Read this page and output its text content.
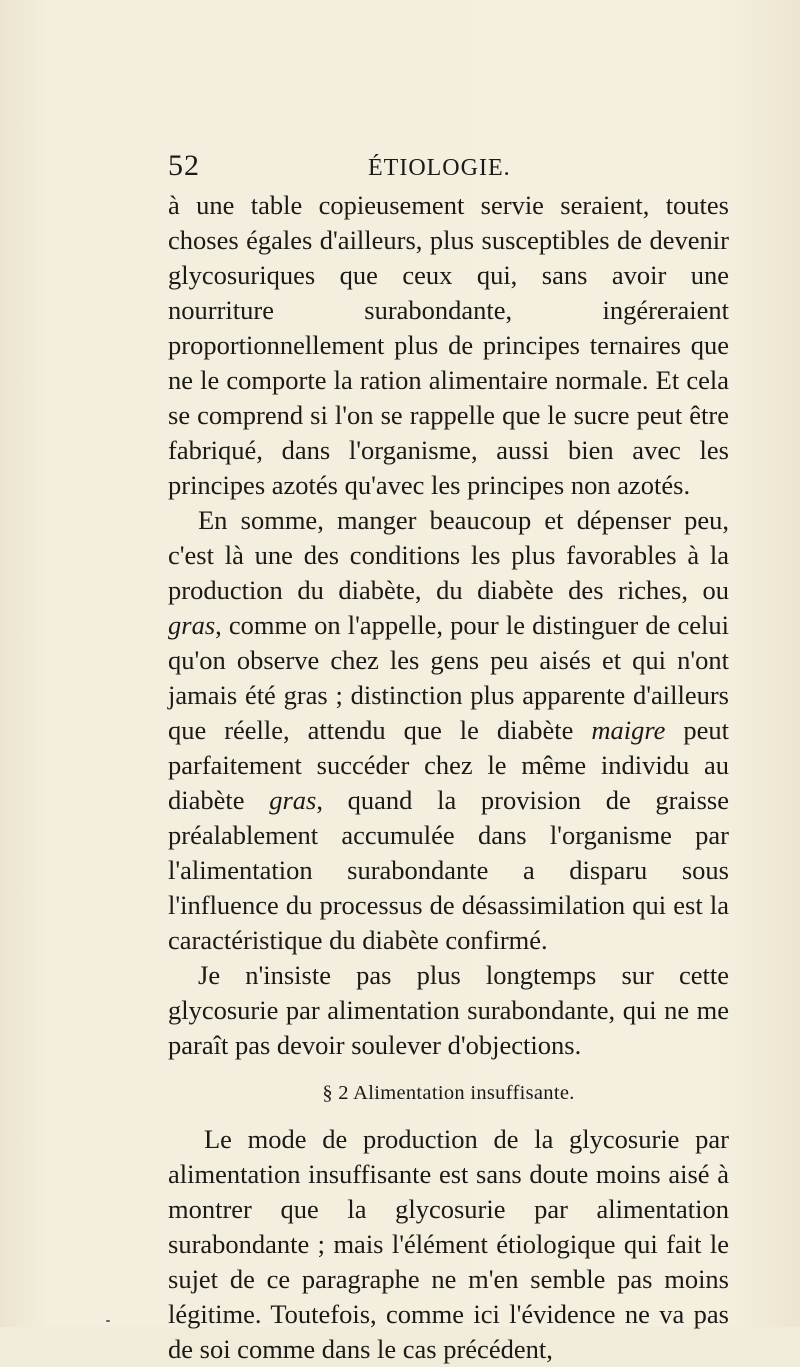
52	ÉTIOLOGIE.

à une table copieusement servie seraient, toutes choses égales d'ailleurs, plus susceptibles de devenir glycosuriques que ceux qui, sans avoir une nourriture surabondante, ingéreraient proportionnellement plus de principes ternaires que ne le comporte la ration alimentaire normale. Et cela se comprend si l'on se rappelle que le sucre peut être fabriqué, dans l'organisme, aussi bien avec les principes azotés qu'avec les principes non azotés.

En somme, manger beaucoup et dépenser peu, c'est là une des conditions les plus favorables à la production du diabète, du diabète des riches, ou gras, comme on l'appelle, pour le distinguer de celui qu'on observe chez les gens peu aisés et qui n'ont jamais été gras ; distinction plus apparente d'ailleurs que réelle, attendu que le diabète maigre peut parfaitement succéder chez le même individu au diabète gras, quand la provision de graisse préalablement accumulée dans l'organisme par l'alimentation surabondante a disparu sous l'influence du processus de désassimilation qui est la caractéristique du diabète confirmé.

Je n'insiste pas plus longtemps sur cette glycosurie par alimentation surabondante, qui ne me paraît pas devoir soulever d'objections.

§ 2 Alimentation insuffisante.

Le mode de production de la glycosurie par alimentation insuffisante est sans doute moins aisé à montrer que la glycosurie par alimentation surabondante ; mais l'élément étiologique qui fait le sujet de ce paragraphe ne m'en semble pas moins légitime. Toutefois, comme ici l'évidence ne va pas de soi comme dans le cas précédent,
